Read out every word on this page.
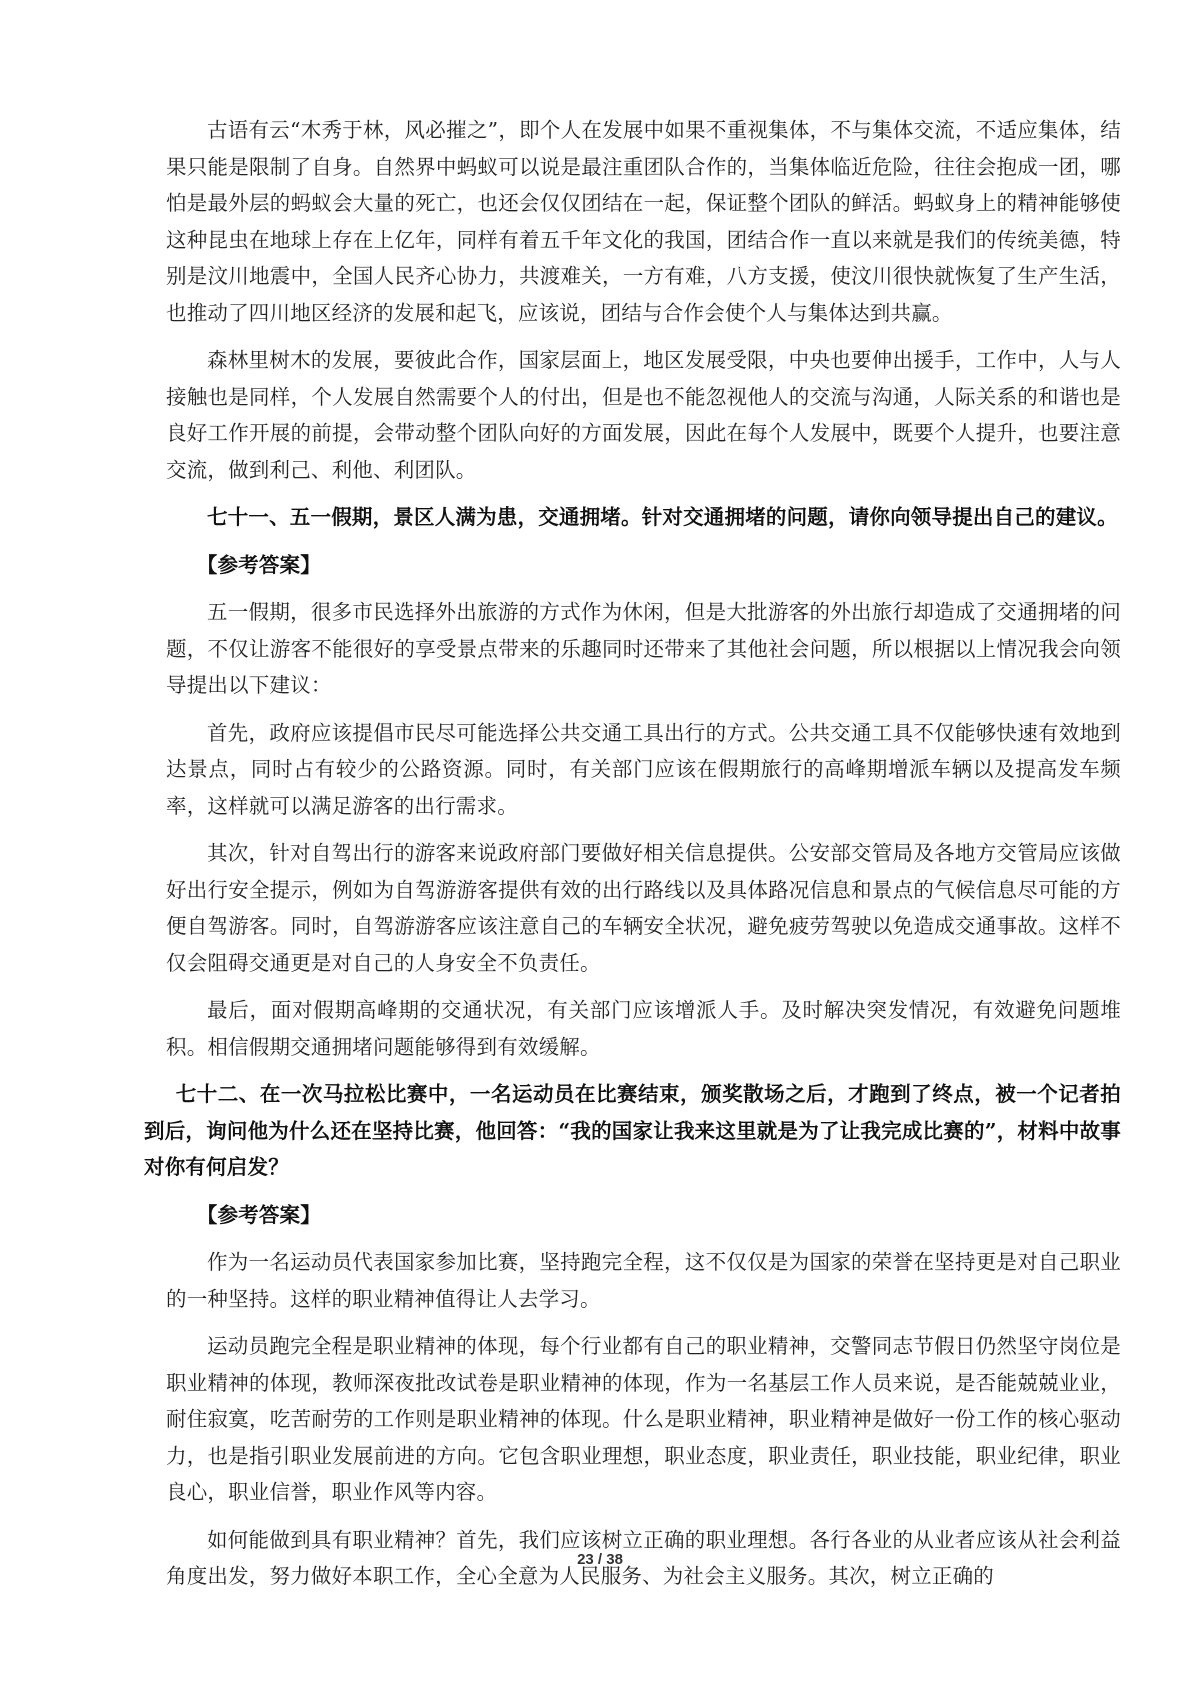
古语有云“木秀于林，风必摧之”，即个人在发展中如果不重视集体，不与集体交流，不适应集体，结果只能是限制了自身。自然界中蚂蚁可以说是最注重团队合作的，当集体临近危险，往往会抱成一团，哪怕是最外层的蚂蚁会大量的死亡，也还会仅仅团结在一起，保证整个团队的鲜活。蚂蚁身上的精神能够使这种昆虫在地球上存在上亿年，同样有着五千年文化的我国，团结合作一直以来就是我们的传统美德，特别是汶川地震中，全国人民齐心协力，共渡难关，一方有难，八方支援，使汶川很快就恢复了生产生活，也推动了四川地区经济的发展和起飞，应该说，团结与合作会使个人与集体达到共赢。

森林里树木的发展，要彼此合作，国家层面上，地区发展受限，中央也要伸出援手，工作中，人与人接触也是同样，个人发展自然需要个人的付出，但是也不能忽视他人的交流与沟通，人际关系的和谐也是良好工作开展的前提，会带动整个团队向好的方面发展，因此在每个人发展中，既要个人提升，也要注意交流，做到利己、利他、利团队。

七十一、五一假期，景区人满为患，交通拥堵。针对交通拥堵的问题，请你向领导提出自己的建议。

【参考答案】

五一假期，很多市民选择外出旅游的方式作为休闲，但是大批游客的外出旅行却造成了交通拥堵的问题，不仅让游客不能很好的享受景点带来的乐趣同时还带来了其他社会问题，所以根据以上情况我会向领导提出以下建议：

首先，政府应该提倡市民尽可能选择公共交通工具出行的方式。公共交通工具不仅能够快速有效地到达景点，同时占有较少的公路资源。同时，有关部门应该在假期旅行的高峰期增派车辆以及提高发车频率，这样就可以满足游客的出行需求。

其次，针对自驾出行的游客来说政府部门要做好相关信息提供。公安部交管局及各地方交管局应该做好出行安全提示，例如为自驾游游客提供有效的出行路线以及具体路况信息和景点的气候信息尽可能的方便自驾游客。同时，自驾游游客应该注意自己的车辆安全状况，避免疲劳驾驶以免造成交通事故。这样不仅会阻碍交通更是对自己的人身安全不负责任。

最后，面对假期高峰期的交通状况，有关部门应该增派人手。及时解决突发情况，有效避免问题堆积。相信假期交通拥堵问题能够得到有效缓解。

七十二、在一次马拉松比赛中，一名运动员在比赛结束，颁奖散场之后，才跑到了终点，被一个记者拍到后，询问他为什么还在坚持比赛，他回答：“我的国家让我来这里就是为了让我完成比赛的”，材料中故事对你有何启发？

【参考答案】

作为一名运动员代表国家参加比赛，坚持跑完全程，这不仅仅是为国家的荣誉在坚持更是对自己职业的一种坚持。这样的职业精神值得让人去学习。

运动员跑完全程是职业精神的体现，每个行业都有自己的职业精神，交警同志节假日仍然坚守岗位是职业精神的体现，教师深夜批改试卷是职业精神的体现，作为一名基层工作人员来说，是否能兢兢业业，耐住寂寞，吃苦耐劳的工作则是职业精神的体现。什么是职业精神，职业精神是做好一份工作的核心驱动力，也是指引职业发展前进的方向。它包含职业理想，职业态度，职业责任，职业技能，职业纪律，职业良心，职业信誉，职业作风等内容。

如何能做到具有职业精神？首先，我们应该树立正确的职业理想。各行各业的从业者应该从社会利益角度出发，努力做好本职工作，全心全意为人民服务、为社会主义服务。其次，树立正确的

23 / 38
